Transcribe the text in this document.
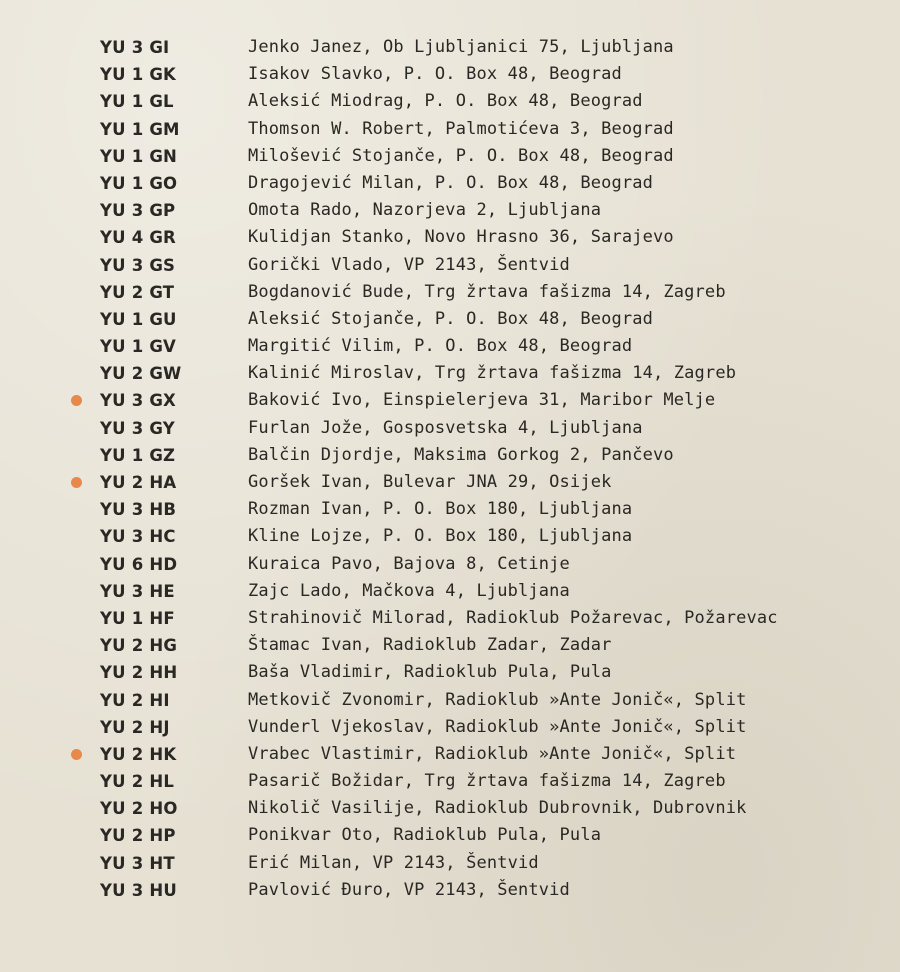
YU 3 GI	Jenko Janez, Ob Ljubljanici 75, Ljubljana
YU 1 GK	Isakov Slavko, P. O. Box 48, Beograd
YU 1 GL	Aleksić Miodrag, P. O. Box 48, Beograd
YU 1 GM	Thomson W. Robert, Palmotićeva 3, Beograd
YU 1 GN	Milošević Stojanče, P. O. Box 48, Beograd
YU 1 GO	Dragojević Milan, P. O. Box 48, Beograd
YU 3 GP	Omota Rado, Nazorjeva 2, Ljubljana
YU 4 GR	Kulidjan Stanko, Novo Hrasno 36, Sarajevo
YU 3 GS	Gorički Vlado, VP 2143, Šentvid
YU 2 GT	Bogdanović Bude, Trg žrtava fašizma 14, Zagreb
YU 1 GU	Aleksić Stojanče, P. O. Box 48, Beograd
YU 1 GV	Margitić Vilim, P. O. Box 48, Beograd
YU 2 GW	Kalinić Miroslav, Trg žrtava fašizma 14, Zagreb
YU 3 GX	Baković Ivo, Einspielerjeva 31, Maribor Melje
YU 3 GY	Furlan Jože, Gosposvetska 4, Ljubljana
YU 1 GZ	Balčin Djordje, Maksima Gorkog 2, Pančevo
YU 2 HA	Goršek Ivan, Bulevar JNA 29, Osijek
YU 3 HB	Rozman Ivan, P. O. Box 180, Ljubljana
YU 3 HC	Kline Lojze, P. O. Box 180, Ljubljana
YU 6 HD	Kuraica Pavo, Bajova 8, Cetinje
YU 3 HE	Zajc Lado, Mačkova 4, Ljubljana
YU 1 HF	Strahinovič Milorad, Radioklub Požarevac, Požarevac
YU 2 HG	Štamac Ivan, Radioklub Zadar, Zadar
YU 2 HH	Baša Vladimir, Radioklub Pula, Pula
YU 2 HI	Metkovič Zvonomir, Radioklub »Ante Jonič«, Split
YU 2 HJ	Vunderl Vjekoslav, Radioklub »Ante Jonič«, Split
YU 2 HK	Vrabec Vlastimir, Radioklub »Ante Jonič«, Split
YU 2 HL	Pasarič Božidar, Trg žrtava fašizma 14, Zagreb
YU 2 HO	Nikolič Vasilije, Radioklub Dubrovnik, Dubrovnik
YU 2 HP	Ponikvar Oto, Radioklub Pula, Pula
YU 3 HT	Erić Milan, VP 2143, Šentvid
YU 3 HU	Pavlović Đuro, VP 2143, Šentvid
